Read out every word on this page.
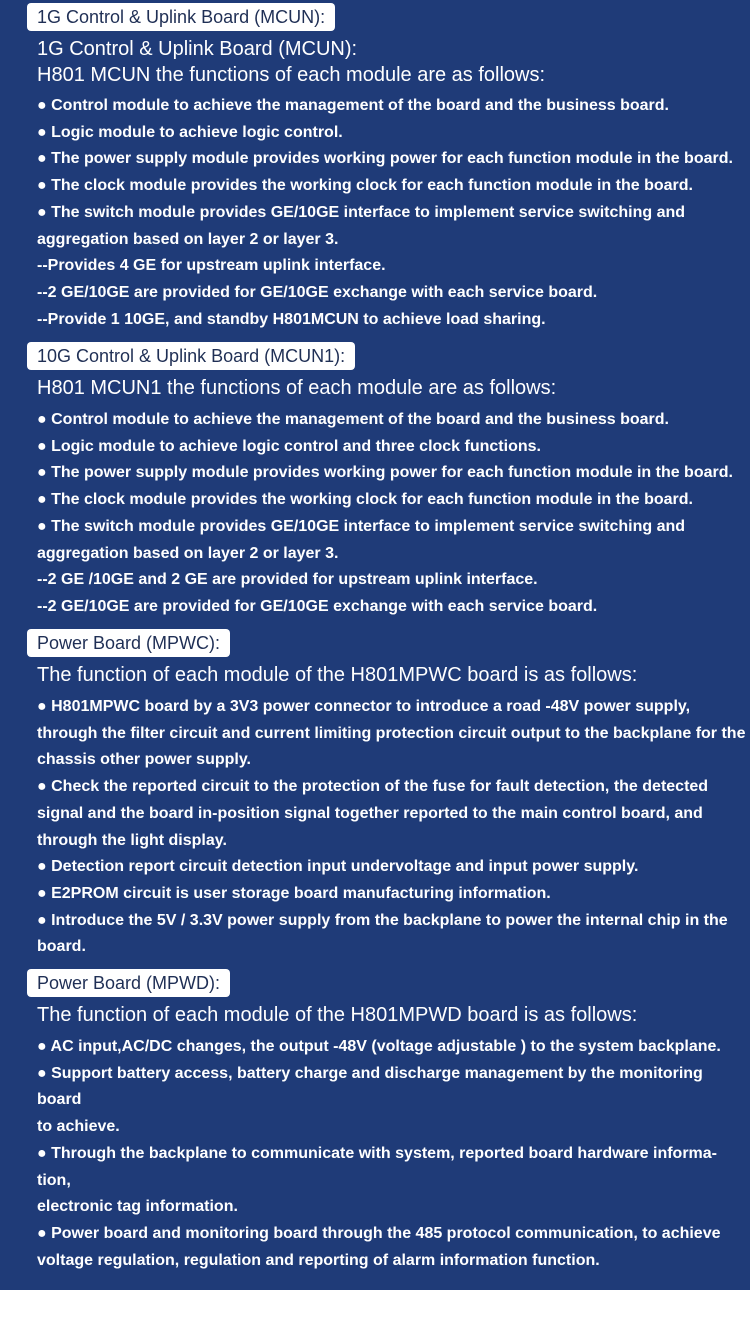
1G Control & Uplink Board (MCUN):
1G Control & Uplink Board (MCUN):
H801 MCUN the functions of each module are as follows:
● Control module to achieve the management of the board and the business board.
● Logic module to achieve logic control.
● The power supply module provides working power for each function module in the board.
● The clock module provides the working clock for each function module in the board.
● The switch module provides GE/10GE interface to implement service switching and
aggregation based on layer 2 or layer 3.
--Provides 4 GE for upstream uplink interface.
--2 GE/10GE are provided for GE/10GE exchange with each service board.
--Provide 1 10GE, and standby H801MCUN to achieve load sharing.
10G Control & Uplink Board (MCUN1):
H801 MCUN1 the functions of each module are as follows:
● Control module to achieve the management of the board and the business board.
● Logic module to achieve logic control and three clock functions.
● The power supply module provides working power for each function module in the board.
● The clock module provides the working clock for each function module in the board.
● The switch module provides GE/10GE interface to implement service switching and
aggregation based on layer 2 or layer 3.
--2 GE /10GE and 2 GE are provided for upstream uplink interface.
--2 GE/10GE are provided for GE/10GE exchange with each service board.
Power Board (MPWC):
The function of each module of the H801MPWC board is as follows:
● H801MPWC board by a 3V3 power connector to introduce a road -48V power supply, through the filter circuit and current limiting protection circuit output to the backplane for the chassis other power supply.
● Check the reported circuit to the protection of the fuse for fault detection, the detected signal and the board in-position signal together reported to the main control board, and through the light display.
● Detection report circuit detection input undervoltage and input power supply.
● E2PROM circuit is user storage board manufacturing information.
● Introduce the 5V / 3.3V power supply from the backplane to power the internal chip in the board.
Power Board (MPWD):
The function of each module of the H801MPWD board is as follows:
● AC input,AC/DC changes, the output -48V (voltage adjustable ) to the system backplane.
● Support battery access, battery charge and discharge management by the monitoring
board
to achieve.
● Through the backplane to communicate with system, reported board hardware informa-
tion,
electronic tag information.
● Power board and monitoring board through the 485 protocol communication, to achieve
voltage regulation, regulation and reporting of alarm information function.
